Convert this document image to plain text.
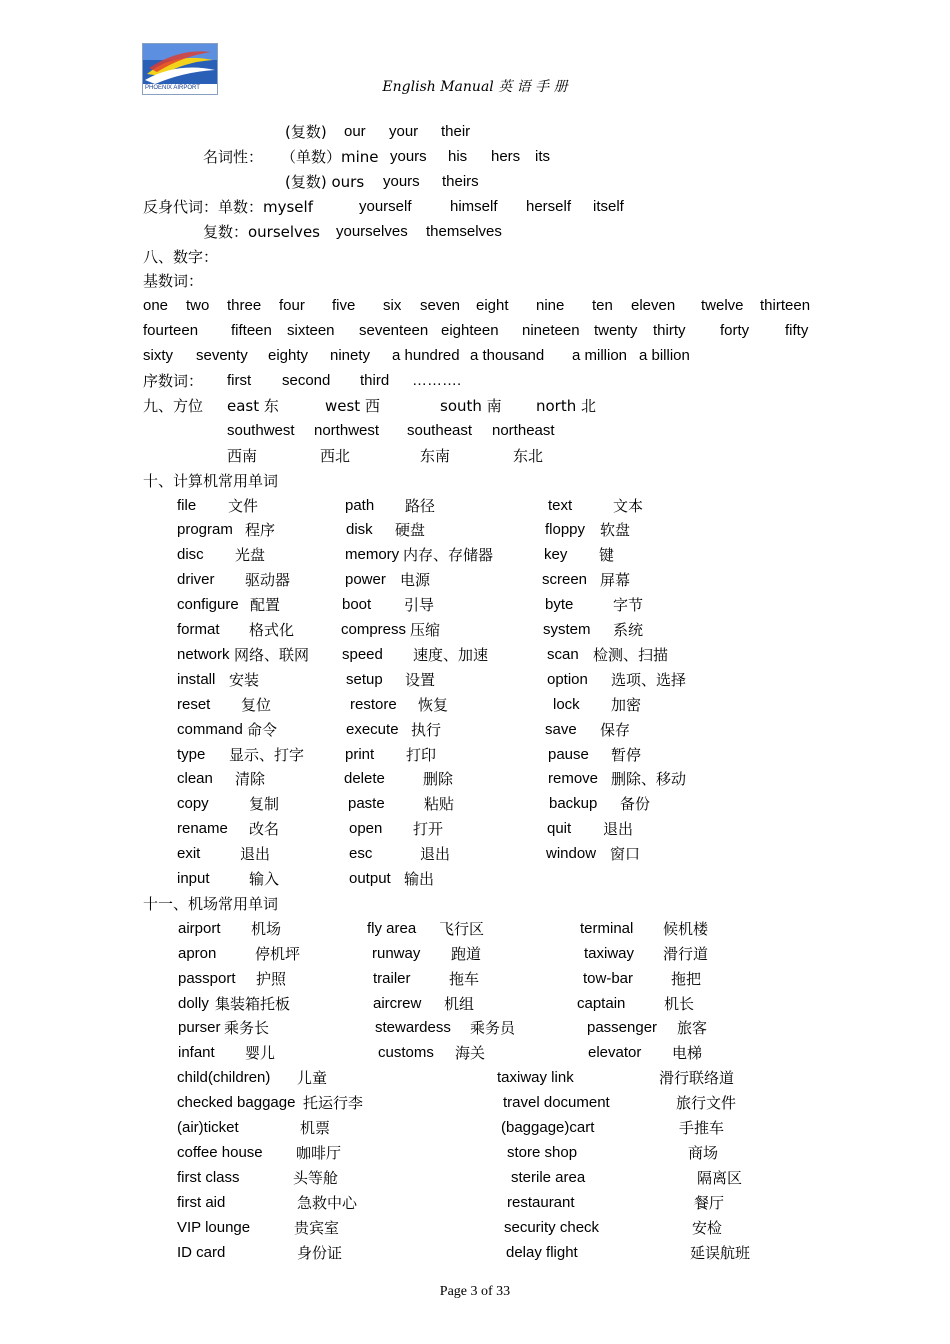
PHOENIX AIRPORT	English Manual 英 语 手 册
(复数) our your their
名词性： （单数）mine yours his hers its
(复数) ours yours theirs
反身代词：单数：myself	yourself	himself herself itself
复数：ourselves yourselves themselves
八、数字：
基数词：
one two three four five six seven eight nine ten eleven twelve thirteen
fourteen fifteen sixteen seventeen eighteen nineteen twenty thirty forty fifty
sixty seventy eighty ninety a hundred a thousand a million a billion
序数词： first second third ……….
九、方位 east 东	west 西	south 南 north 北
southwest northwest southeast northeast
西南	西北	东南	东北
十、计算机常用单词
file 文件	path 路径	text	文本
program 程序	disk 硬盘	floppy 软盘
disc 光盘	memory 内存、存储器	key 键
driver 驱动器	power 电源	screen 屏幕
configure 配置	boot 引导	byte	字节
format 格式化	compress 压缩	system 系统
network 网络、联网 speed 速度、加速	scan 检测、扫描
install 安装	setup 设置	option 选项、选择
reset 复位	restore 恢复	lock 加密
command 命令	execute 执行	save 保存
type 显示、打字	print 打印	pause 暂停
clean 清除	delete	删除	remove 删除、移动
copy	复制	paste	粘贴	backup 备份
rename 改名	open 打开	quit 退出
exit	退出	esc	退出	window 窗口
input	输入	output 输出
十一、机场常用单词
airport 机场	fly area 飞行区	terminal 候机楼
apron	停机坪	runway 跑道	taxiway 滑行道
passport 护照	trailer	拖车	tow-bar	拖把
dolly 集装箱托板	aircrew 机组	captain	机长
purser 乘务长	stewardess 乘务员	passenger 旅客
infant 婴儿	customs 海关	elevator 电梯
child(children) 儿童	taxiway link	滑行联络道
checked baggage 托运行李	travel document	旅行文件
(air)ticket	机票	(baggage)cart	手推车
coffee house 咖啡厅	store shop	商场
first class	头等舱	sterile area	隔离区
first aid	急救中心	restaurant	餐厅
VIP lounge	贵宾室	security check	安检
ID card	身份证	delay flight	延误航班
Page 3 of 33
